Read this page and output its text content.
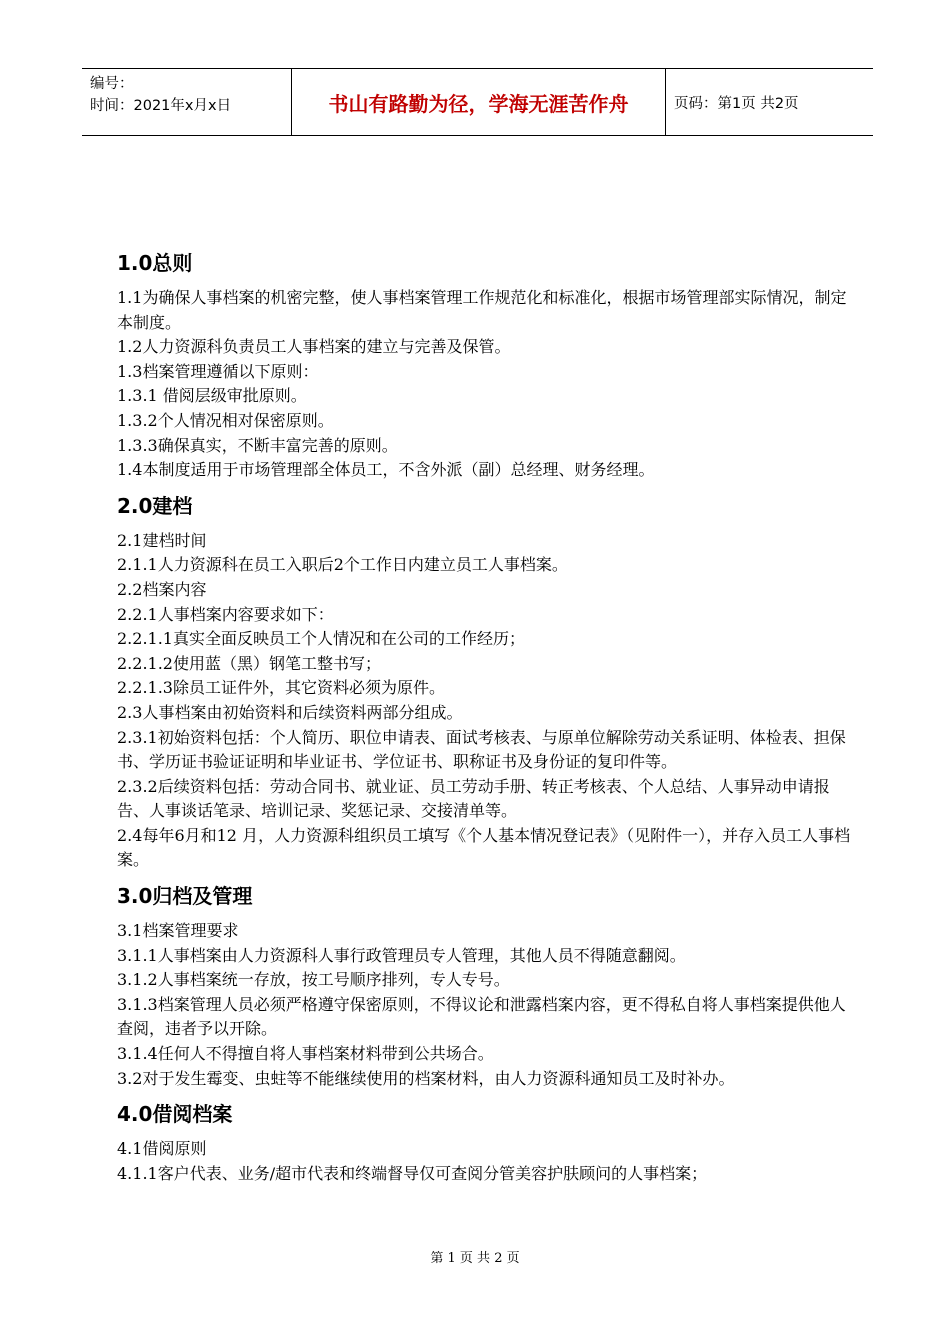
编号：
时间：2021年x月x日	书山有路勤为径，学海无涯苦作舟	页码：第1页 共2页
1.0总则

1.1为确保人事档案的机密完整，使人事档案管理工作规范化和标准化，根据市场管理部实际情况，制定本制度。

1.2人力资源科负责员工人事档案的建立与完善及保管。

1.3档案管理遵循以下原则：

1.3.1 借阅层级审批原则。

1.3.2个人情况相对保密原则。

1.3.3确保真实，不断丰富完善的原则。

1.4本制度适用于市场管理部全体员工，不含外派（副）总经理、财务经理。

2.0建档

2.1建档时间

2.1.1人力资源科在员工入职后2个工作日内建立员工人事档案。

2.2档案内容

2.2.1人事档案内容要求如下：

2.2.1.1真实全面反映员工个人情况和在公司的工作经历；

2.2.1.2使用蓝（黑）钢笔工整书写；

2.2.1.3除员工证件外，其它资料必须为原件。

2.3人事档案由初始资料和后续资料两部分组成。

2.3.1初始资料包括：个人简历、职位申请表、面试考核表、与原单位解除劳动关系证明、体检表、担保书、学历证书验证证明和毕业证书、学位证书、职称证书及身份证的复印件等。

2.3.2后续资料包括：劳动合同书、就业证、员工劳动手册、转正考核表、个人总结、人事异动申请报告、人事谈话笔录、培训记录、奖惩记录、交接清单等。

2.4每年6月和12 月，人力资源科组织员工填写《个人基本情况登记表》（见附件一），并存入员工人事档案。

3.0归档及管理

3.1档案管理要求

3.1.1人事档案由人力资源科人事行政管理员专人管理，其他人员不得随意翻阅。

3.1.2人事档案统一存放，按工号顺序排列，专人专号。

3.1.3档案管理人员必须严格遵守保密原则，不得议论和泄露档案内容，更不得私自将人事档案提供他人查阅，违者予以开除。

3.1.4任何人不得擅自将人事档案材料带到公共场合。

3.2对于发生霉变、虫蛀等不能继续使用的档案材料，由人力资源科通知员工及时补办。

4.0借阅档案

4.1借阅原则

4.1.1客户代表、业务/超市代表和终端督导仅可查阅分管美容护肤顾问的人事档案；

第 1 页 共 2 页
